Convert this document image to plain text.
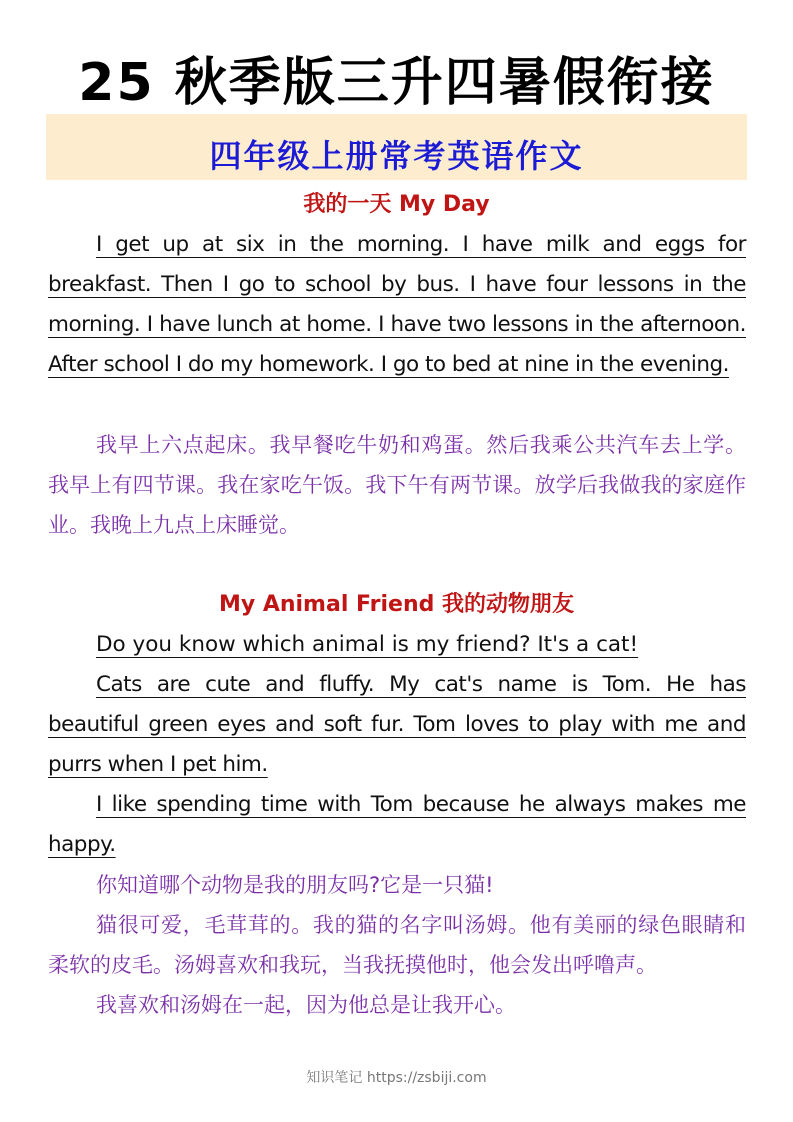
25 秋季版三升四暑假衔接
四年级上册常考英语作文
我的一天 My Day

I get up at six in the morning. I have milk and eggs for breakfast. Then I go to school by bus. I have four lessons in the morning. I have lunch at home. I have two lessons in the afternoon. After school I do my homework. I go to bed at nine in the evening.

我早上六点起床。我早餐吃牛奶和鸡蛋。然后我乘公共汽车去上学。我早上有四节课。我在家吃午饭。我下午有两节课。放学后我做我的家庭作业。我晚上九点上床睡觉。

My Animal Friend 我的动物朋友

Do you know which animal is my friend? It's a cat!

Cats are cute and fluffy. My cat's name is Tom. He has beautiful green eyes and soft fur. Tom loves to play with me and purrs when I pet him.

I like spending time with Tom because he always makes me happy.

你知道哪个动物是我的朋友吗?它是一只猫!

猫很可爱，毛茸茸的。我的猫的名字叫汤姆。他有美丽的绿色眼睛和柔软的皮毛。汤姆喜欢和我玩，当我抚摸他时，他会发出呼噜声。

我喜欢和汤姆在一起，因为他总是让我开心。

知识笔记 https://zsbiji.com
